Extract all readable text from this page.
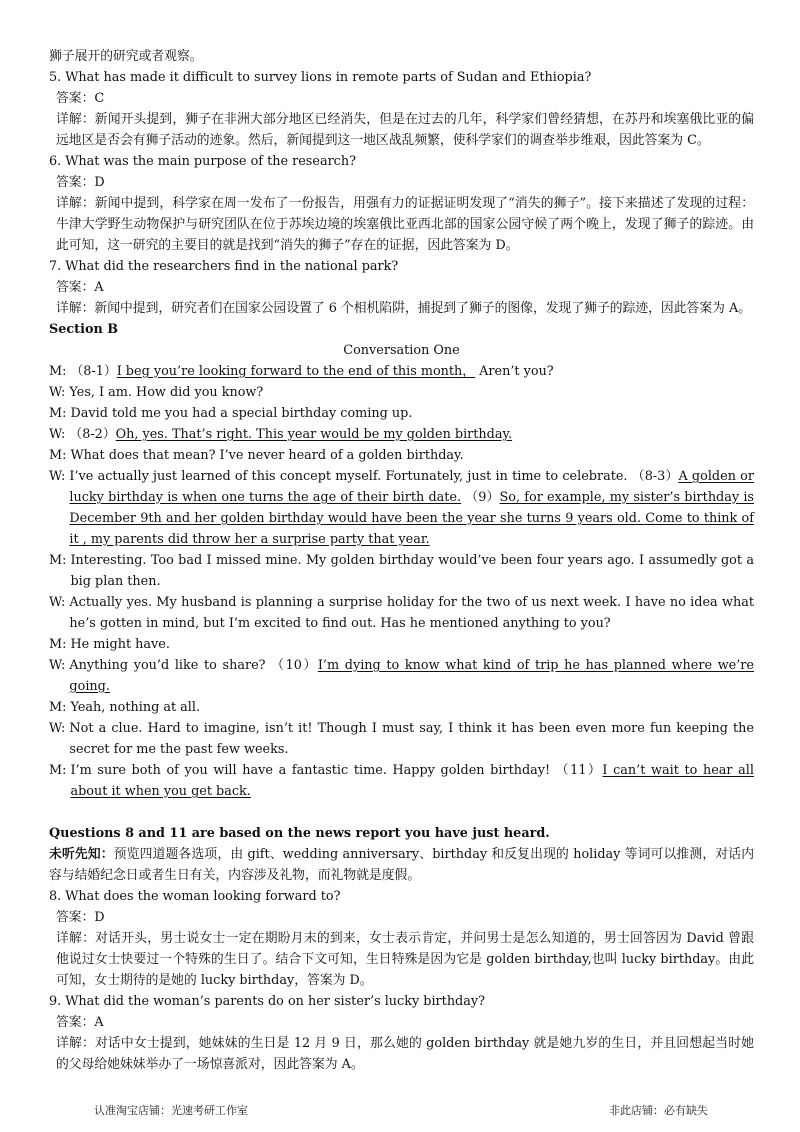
狮子展开的研究或者观察。
5. What has made it difficult to survey lions in remote parts of Sudan and Ethiopia?
答案：C
详解：新闻开头提到，狮子在非洲大部分地区已经消失，但是在过去的几年，科学家们曾经猜想，在苏丹和埃塞俄比亚的偏远地区是否会有狮子活动的迹象。然后，新闻提到这一地区战乱频繁，使科学家们的调查举步维艰，因此答案为 C。
6. What was the main purpose of the research?
答案：D
详解：新闻中提到，科学家在周一发布了一份报告，用强有力的证据证明发现了“消失的狮子”。接下来描述了发现的过程：牛津大学野生动物保护与研究团队在位于苏埃边境的埃塞俄比亚西北部的国家公园守候了两个晚上，发现了狮子的踪迹。由此可知，这一研究的主要目的就是找到“消失的狮子”存在的证据，因此答案为 D。
7. What did the researchers find in the national park?
答案：A
详解：新闻中提到，研究者们在国家公园设置了 6 个相机陷阱，捕捉到了狮子的图像，发现了狮子的踪迹，因此答案为 A。
Section B
Conversation One
M: （8-1）I beg you’re looking forward to the end of this month， Aren’t you?
W: Yes, I am. How did you know?
M: David told me you had a special birthday coming up.
W: （8-2）Oh, yes. That’s right. This year would be my golden birthday.
M: What does that mean? I’ve never heard of a golden birthday.
W: I’ve actually just learned of this concept myself. Fortunately, just in time to celebrate. （8-3）A golden or lucky birthday is when one turns the age of their birth date. （9）So, for example, my sister’s birthday is December 9th and her golden birthday would have been the year she turns 9 years old. Come to think of it , my parents did throw her a surprise party that year.
M: Interesting. Too bad I missed mine. My golden birthday would’ve been four years ago. I assumedly got a big plan then.
W: Actually yes. My husband is planning a surprise holiday for the two of us next week. I have no idea what he’s gotten in mind, but I’m excited to find out. Has he mentioned anything to you?
M: He might have.
W: Anything you’d like to share? （10）I’m dying to know what kind of trip he has planned where we’re going.
M: Yeah, nothing at all.
W: Not a clue. Hard to imagine, isn’t it! Though I must say, I think it has been even more fun keeping the secret for me the past few weeks.
M: I’m sure both of you will have a fantastic time. Happy golden birthday! （11）I can’t wait to hear all about it when you get back.
Questions 8 and 11 are based on the news report you have just heard.
未听先知：预览四道题各选项，由 gift、wedding anniversary、birthday 和反复出现的 holiday 等词可以推测，对话内容与结婚纪念日或者生日有关，内容涉及礼物，而礼物就是度假。
8. What does the woman looking forward to?
答案：D
详解：对话开头，男士说女士一定在期盼月末的到来，女士表示肯定，并问男士是怎么知道的，男士回答因为 David 曾跟他说过女士快要过一个特殊的生日了。结合下文可知，生日特殊是因为它是 golden birthday,也叫 lucky birthday。由此可知，女士期待的是她的 lucky birthday，答案为 D。
9. What did the woman’s parents do on her sister’s lucky birthday?
答案：A
详解：对话中女士提到，她妹妹的生日是 12 月 9 日，那么她的 golden birthday 就是她九岁的生日，并且回想起当时她的父母给她妹妹举办了一场惊喜派对，因此答案为 A。
认准淘宝店铺：光速考研工作室	非此店铺：必有缺失
